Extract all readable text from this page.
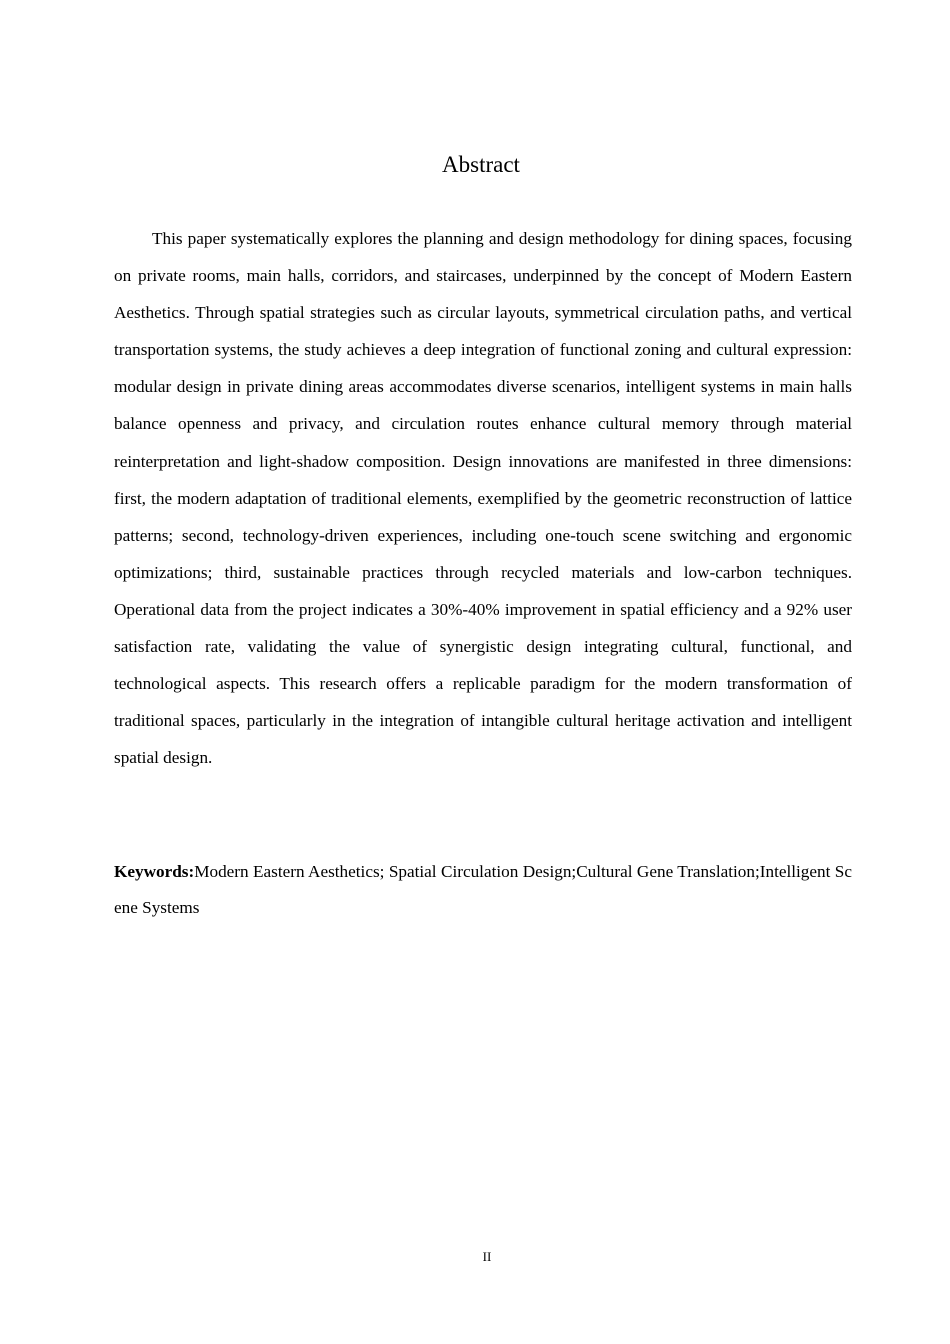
Abstract

This paper systematically explores the planning and design methodology for dining spaces, focusing on private rooms, main halls, corridors, and staircases, underpinned by the concept of Modern Eastern Aesthetics. Through spatial strategies such as circular layouts, symmetrical circulation paths, and vertical transportation systems, the study achieves a deep integration of functional zoning and cultural expression: modular design in private dining areas accommodates diverse scenarios, intelligent systems in main halls balance openness and privacy, and circulation routes enhance cultural memory through material reinterpretation and light-shadow composition. Design innovations are manifested in three dimensions: first, the modern adaptation of traditional elements, exemplified by the geometric reconstruction of lattice patterns; second, technology-driven experiences, including one-touch scene switching and ergonomic optimizations; third, sustainable practices through recycled materials and low-carbon techniques. Operational data from the project indicates a 30%-40% improvement in spatial efficiency and a 92% user satisfaction rate, validating the value of synergistic design integrating cultural, functional, and technological aspects. This research offers a replicable paradigm for the modern transformation of traditional spaces, particularly in the integration of intangible cultural heritage activation and intelligent spatial design.

Keywords:Modern Eastern Aesthetics; Spatial Circulation Design;Cultural Gene Translation;Intelligent Scene Systems

II
